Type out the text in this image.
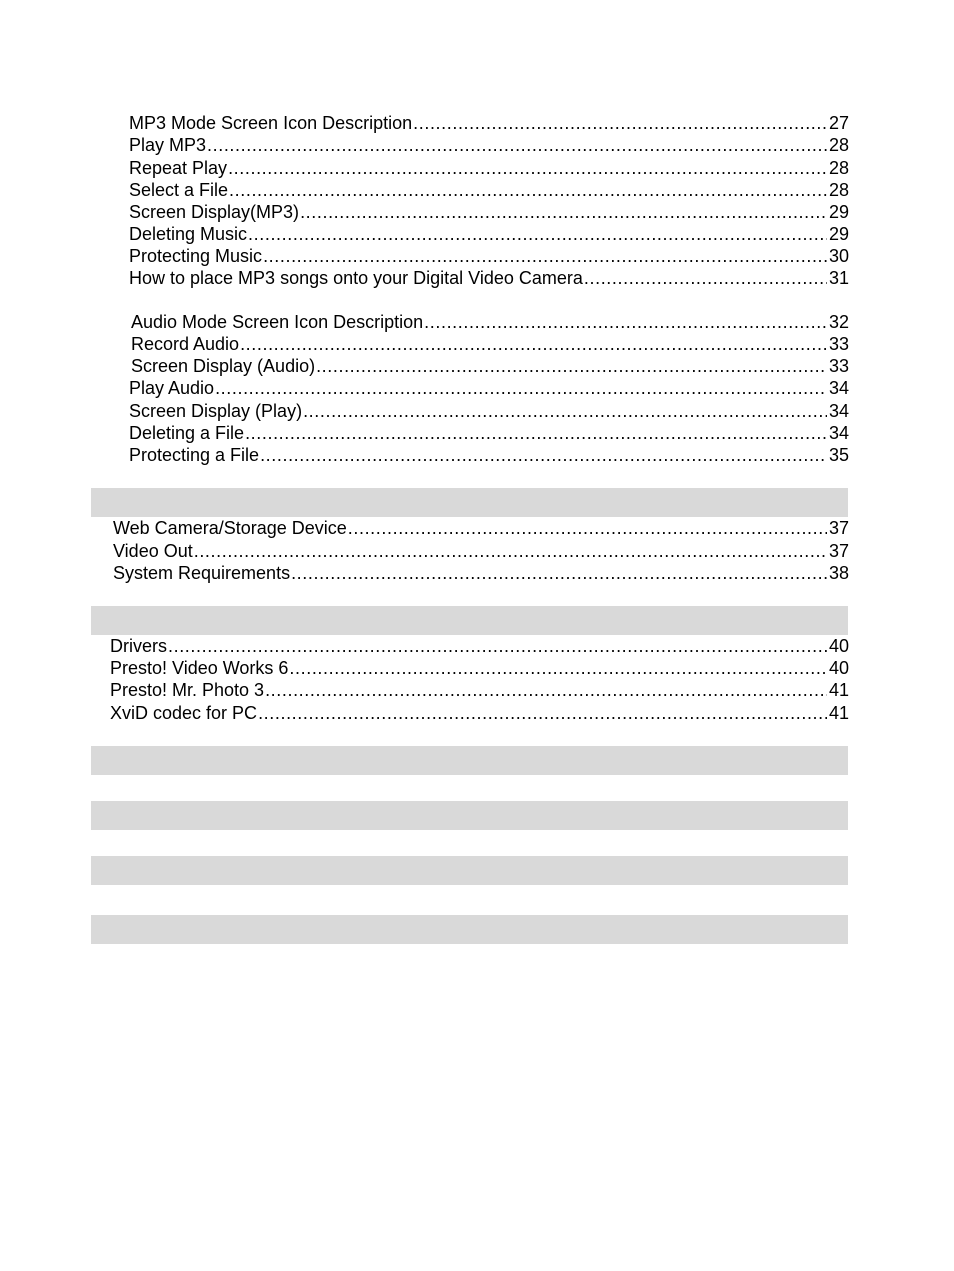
MP3 Mode Screen Icon Description .....	27
Play MP3 .....	28
Repeat Play .....	28
Select a File .....	28
Screen Display(MP3) .....	29
Deleting Music .....	29
Protecting Music .....	30
How to place MP3 songs onto your Digital Video Camera .....	31
Audio Mode Screen Icon Description .....	32
Record Audio .....	33
Screen Display (Audio) .....	33
Play Audio .....	34
Screen Display (Play) .....	34
Deleting a File .....	34
Protecting a File .....	35
Web Camera/Storage Device .....	37
Video Out .....	37
System Requirements .....	38
Drivers .....	40
Presto! Video Works 6 .....	40
Presto! Mr. Photo 3 .....	41
XviD codec for PC .....	41
